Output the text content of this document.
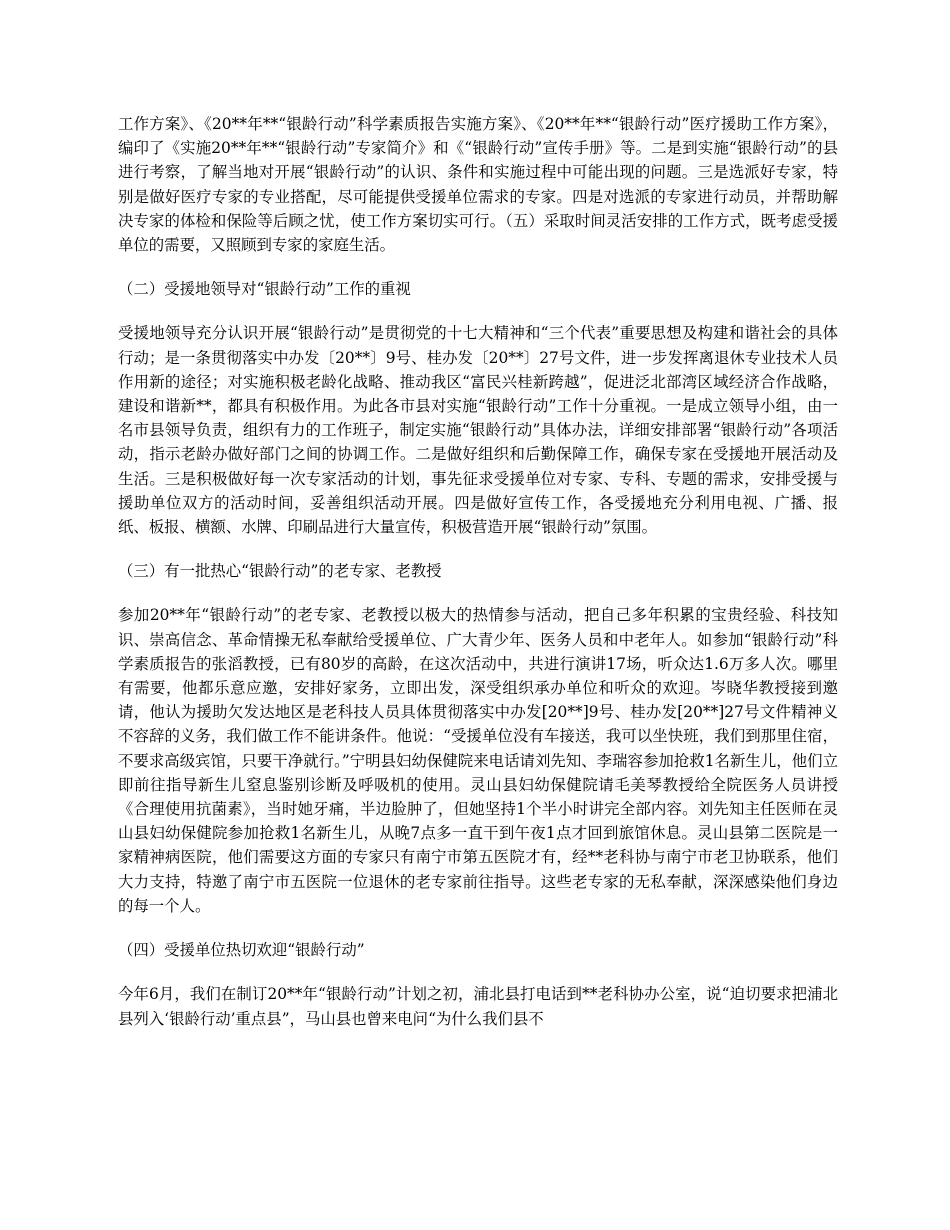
工作方案》、《20**年**“银龄行动”科学素质报告实施方案》、《20**年**“银龄行动”医疗援助工作方案》，编印了《实施20**年**“银龄行动”专家简介》和《“银龄行动”宣传手册》等。二是到实施“银龄行动”的县进行考察，了解当地对开展“银龄行动”的认识、条件和实施过程中可能出现的问题。三是选派好专家，特别是做好医疗专家的专业搭配，尽可能提供受援单位需求的专家。四是对选派的专家进行动员，并帮助解决专家的体检和保险等后顾之忧，使工作方案切实可行。（五）采取时间灵活安排的工作方式，既考虑受援单位的需要，又照顾到专家的家庭生活。

（二）受援地领导对“银龄行动”工作的重视

受援地领导充分认识开展“银龄行动”是贯彻党的十七大精神和“三个代表”重要思想及构建和谐社会的具体行动；是一条贯彻落实中办发〔20**〕9号、桂办发〔20**〕27号文件，进一步发挥离退休专业技术人员作用新的途径；对实施积极老龄化战略、推动我区“富民兴桂新跨越”，促进泛北部湾区域经济合作战略，建设和谐新**，都具有积极作用。为此各市县对实施“银龄行动”工作十分重视。一是成立领导小组，由一名市县领导负责，组织有力的工作班子，制定实施“银龄行动”具体办法，详细安排部署“银龄行动”各项活动，指示老龄办做好部门之间的协调工作。二是做好组织和后勤保障工作，确保专家在受援地开展活动及生活。三是积极做好每一次专家活动的计划，事先征求受援单位对专家、专科、专题的需求，安排受援与援助单位双方的活动时间，妥善组织活动开展。四是做好宣传工作，各受援地充分利用电视、广播、报纸、板报、横额、水牌、印刷品进行大量宣传，积极营造开展“银龄行动”氛围。

（三）有一批热心“银龄行动”的老专家、老教授

参加20**年“银龄行动”的老专家、老教授以极大的热情参与活动，把自己多年积累的宝贵经验、科技知识、崇高信念、革命情操无私奉献给受援单位、广大青少年、医务人员和中老年人。如参加“银龄行动”科学素质报告的张滔教授，已有80岁的高龄，在这次活动中，共进行演讲17场，听众达1.6万多人次。哪里有需要，他都乐意应邀，安排好家务，立即出发，深受组织承办单位和听众的欢迎。岑晓华教授接到邀请，他认为援助欠发达地区是老科技人员具体贯彻落实中办发[20**]9号、桂办发[20**]27号文件精神义不容辞的义务，我们做工作不能讲条件。他说：“受援单位没有车接送，我可以坐快班，我们到那里住宿，不要求高级宾馆，只要干净就行。”宁明县妇幼保健院来电话请刘先知、李瑞容参加抢救1名新生儿，他们立即前往指导新生儿窒息鉴别诊断及呼吸机的使用。灵山县妇幼保健院请毛美琴教授给全院医务人员讲授《合理使用抗菌素》，当时她牙痛，半边脸肿了，但她坚持1个半小时讲完全部内容。刘先知主任医师在灵山县妇幼保健院参加抢救1名新生儿，从晚7点多一直干到午夜1点才回到旅馆休息。灵山县第二医院是一家精神病医院，他们需要这方面的专家只有南宁市第五医院才有，经**老科协与南宁市老卫协联系，他们大力支持，特邀了南宁市五医院一位退休的老专家前往指导。这些老专家的无私奉献，深深感染他们身边的每一个人。

（四）受援单位热切欢迎“银龄行动”

今年6月，我们在制订20**年“银龄行动”计划之初，浦北县打电话到**老科协办公室，说“迫切要求把浦北县列入‘银龄行动’重点县”，马山县也曾来电问“为什么我们县不
